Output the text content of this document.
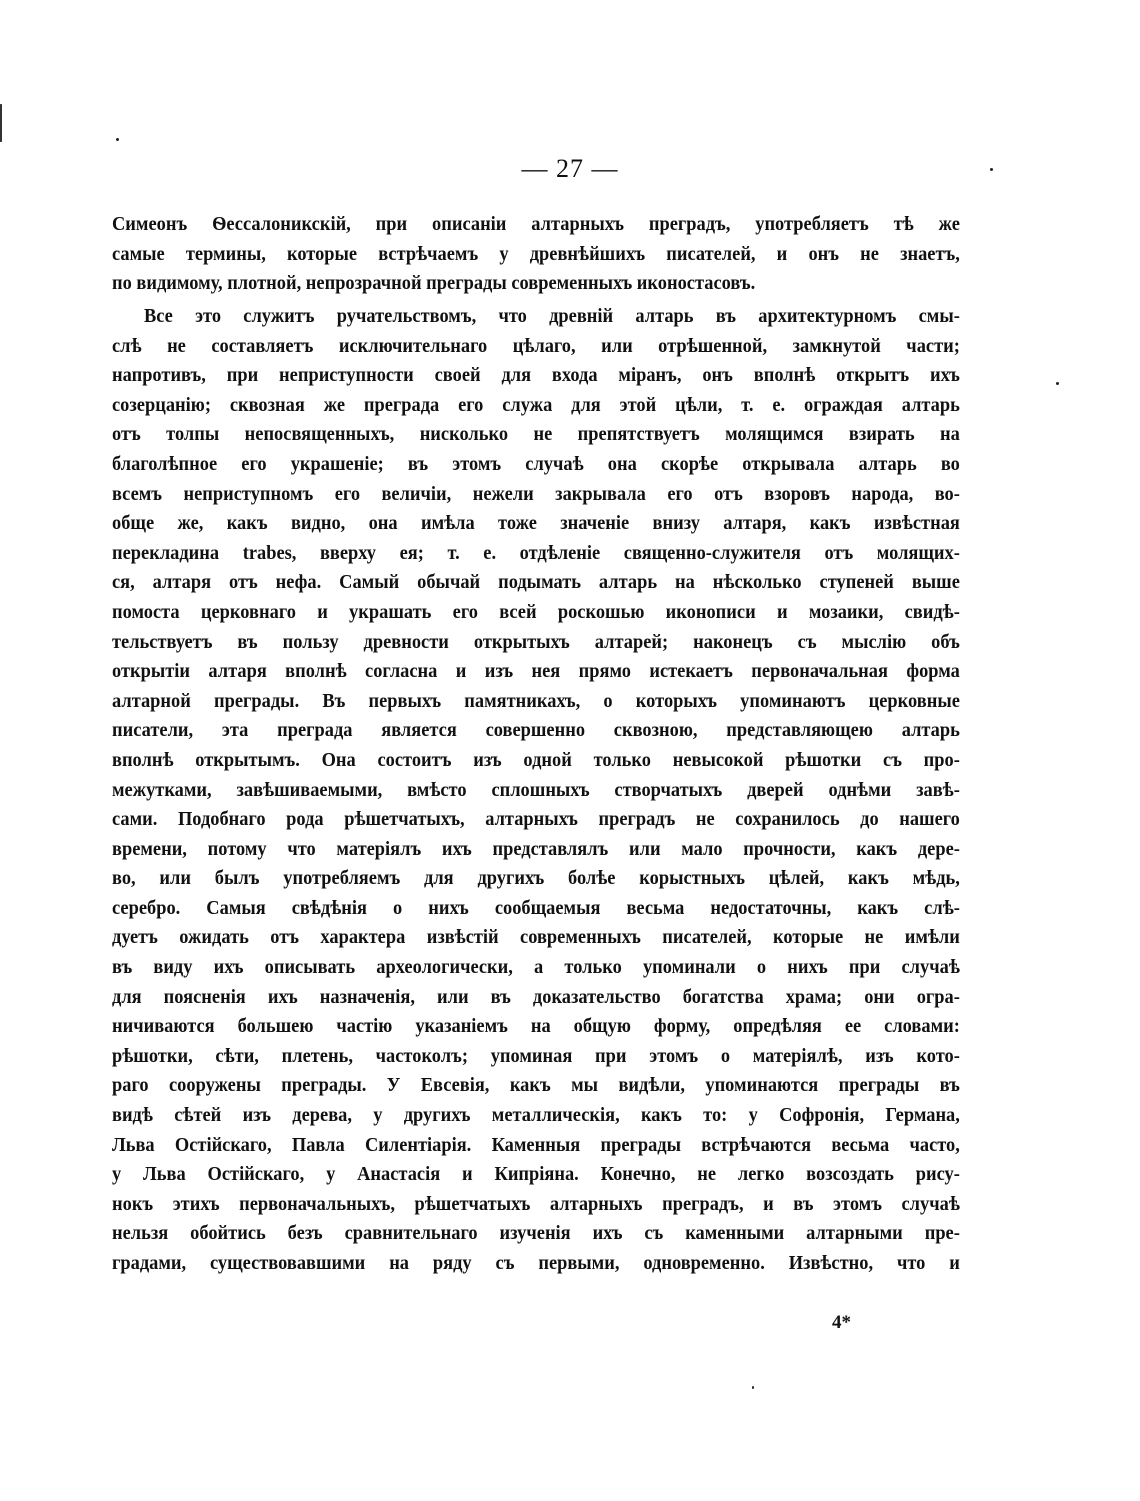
— 27 —
Симеонъ Ѳессалоникскій, при описаніи алтарныхъ преградъ, употребляетъ тѣ же
самые термины, которые встрѣчаемъ у древнѣйшихъ писателей, и онъ не знаетъ,
по видимому, плотной, непрозрачной преграды современныхъ иконостасовъ.
Все это служитъ ручательствомъ, что древній алтарь въ архитектурномъ смы-
слѣ не составляетъ исключительнаго цѣлаго, или отрѣшенной, замкнутой части;
напротивъ, при неприступности своей для входа міранъ, онъ вполнѣ открытъ ихъ
созерцанію; сквозная же преграда его служа для этой цѣли, т. е. ограждая алтарь
отъ толпы непосвященныхъ, нисколько не препятствуетъ молящимся взирать на
благолѣпное его украшеніе; въ этомъ случаѣ она скорѣе открывала алтарь во
всемъ неприступномъ его величіи, нежели закрывала его отъ взоровъ народа, во-
обще же, какъ видно, она имѣла тоже значеніе внизу алтаря, какъ извѣстная
перекладина trabes, вверху ея; т. е. отдѣленіе священно-служителя отъ молящих-
ся, алтаря отъ нефа. Самый обычай подымать алтарь на нѣсколько ступеней выше
помоста церковнаго и украшать его всей роскошью иконописи и мозаики, свидѣ-
тельствуетъ въ пользу древности открытыхъ алтарей; наконецъ съ мыслію объ
открытіи алтаря вполнѣ согласна и изъ нея прямо истекаетъ первоначальная форма
алтарной преграды. Въ первыхъ памятникахъ, о которыхъ упоминаютъ церковные
писатели, эта преграда является совершенно сквозною, представляющею алтарь
вполнѣ открытымъ. Она состоитъ изъ одной только невысокой рѣшотки съ про-
межутками, завѣшиваемыми, вмѣсто сплошныхъ створчатыхъ дверей однѣми завѣ-
сами. Подобнаго рода рѣшетчатыхъ, алтарныхъ преградъ не сохранилось до нашего
времени, потому что матеріялъ ихъ представлялъ или мало прочности, какъ дере-
во, или былъ употребляемъ для другихъ болѣе корыстныхъ цѣлей, какъ мѣдь,
серебро. Самыя свѣдѣнія о нихъ сообщаемыя весьма недостаточны, какъ слѣ-
дуетъ ожидать отъ характера извѣстій современныхъ писателей, которые не имѣли
въ виду ихъ описывать археологически, а только упоминали о нихъ при случаѣ
для поясненія ихъ назначенія, или въ доказательство богатства храма; они огра-
ничиваются большею частію указаніемъ на общую форму, опредѣляя ее словами:
рѣшотки, сѣти, плетень, частоколъ; упоминая при этомъ о матеріялѣ, изъ кото-
раго сооружены преграды. У Евсевія, какъ мы видѣли, упоминаются преграды въ
видѣ сѣтей изъ дерева, у другихъ металлическія, какъ то: у Софронія, Германа,
Льва Остійскаго, Павла Силентіарія. Каменныя преграды встрѣчаются весьма часто,
у Льва Остійскаго, у Анастасія и Кипріяна. Конечно, не легко возсоздать рису-
нокъ этихъ первоначальныхъ, рѣшетчатыхъ алтарныхъ преградъ, и въ этомъ случаѣ
нельзя обойтись безъ сравнительнаго изученія ихъ съ каменными алтарными пре-
градами, существовавшими на ряду съ первыми, одновременно. Извѣстно, что и
4*
